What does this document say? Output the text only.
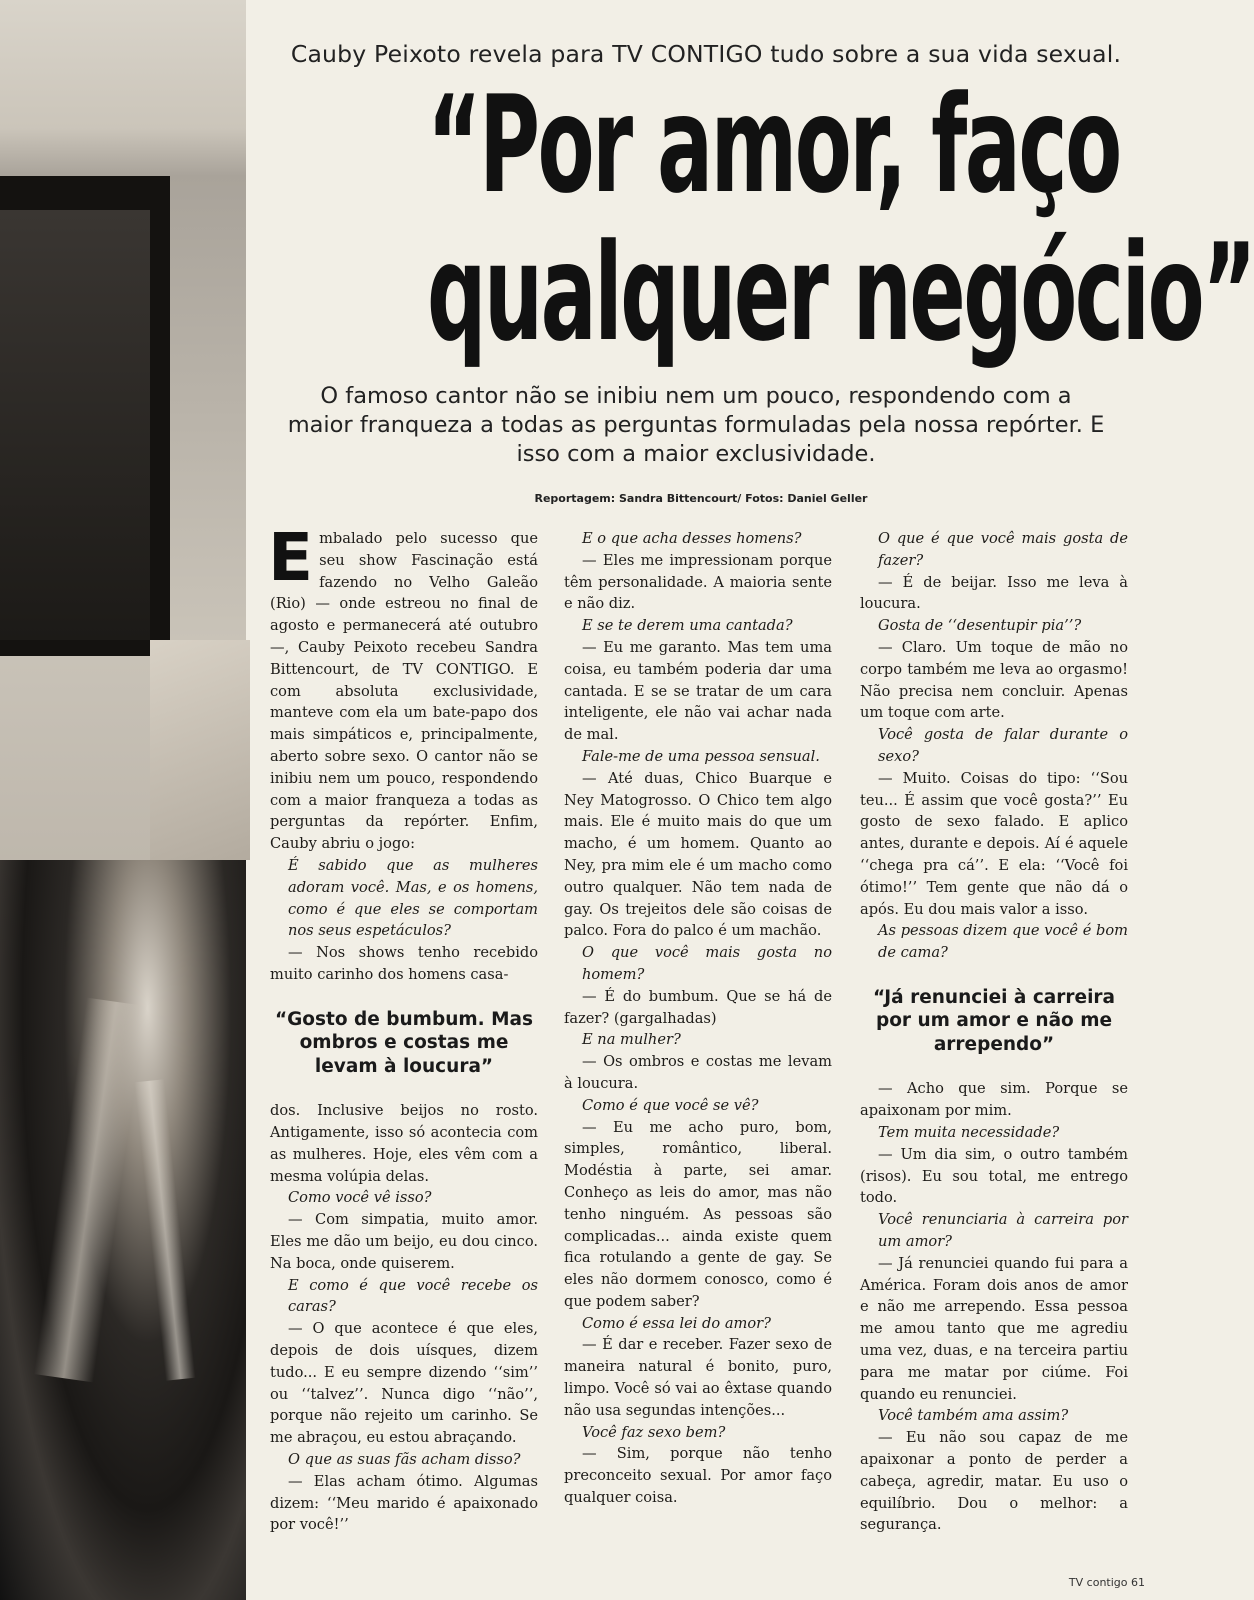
Cauby Peixoto revela para TV CONTIGO tudo sobre a sua vida sexual.
“Por amor, faço
qualquer negócio”
O famoso cantor não se inibiu nem um pouco, respondendo com a maior franqueza a todas as perguntas formuladas pela nossa repórter. E isso com a maior exclusividade.
Reportagem: Sandra Bittencourt/ Fotos: Daniel Geller

Embalado pelo sucesso que seu show Fascinação está fazendo no Velho Galeão (Rio) — onde estreou no final de agosto e permanecerá até outubro —, Cauby Peixoto recebeu Sandra Bittencourt, de TV CONTIGO. E com absoluta exclusividade, manteve com ela um bate-papo dos mais simpáticos e, principalmente, aberto sobre sexo. O cantor não se inibiu nem um pouco, respondendo com a maior franqueza a todas as perguntas da repórter. Enfim, Cauby abriu o jogo:

É sabido que as mulheres adoram você. Mas, e os homens, como é que eles se comportam nos seus espetáculos?

— Nos shows tenho recebido muito carinho dos homens casa-

“Gosto de bumbum. Mas ombros e costas me levam à loucura”

dos. Inclusive beijos no rosto. Antigamente, isso só acontecia com as mulheres. Hoje, eles vêm com a mesma volúpia delas.

Como você vê isso?

— Com simpatia, muito amor. Eles me dão um beijo, eu dou cinco. Na boca, onde quiserem.

E como é que você recebe os caras?

— O que acontece é que eles, depois de dois uísques, dizem tudo... E eu sempre dizendo ‘‘sim’’ ou ‘‘talvez’’. Nunca digo ‘‘não’’, porque não rejeito um carinho. Se me abraçou, eu estou abraçando.

O que as suas fãs acham disso?

— Elas acham ótimo. Algumas dizem: ‘‘Meu marido é apaixonado por você!’’

E o que acha desses homens?

— Eles me impressionam porque têm personalidade. A maioria sente e não diz.

E se te derem uma cantada?

— Eu me garanto. Mas tem uma coisa, eu também poderia dar uma cantada. E se se tratar de um cara inteligente, ele não vai achar nada de mal.

Fale-me de uma pessoa sensual.

— Até duas, Chico Buarque e Ney Matogrosso. O Chico tem algo mais. Ele é muito mais do que um macho, é um homem. Quanto ao Ney, pra mim ele é um macho como outro qualquer. Não tem nada de gay. Os trejeitos dele são coisas de palco. Fora do palco é um machão.

O que você mais gosta no homem?

— É do bumbum. Que se há de fazer? (gargalhadas)

E na mulher?

— Os ombros e costas me levam à loucura.

Como é que você se vê?

— Eu me acho puro, bom, simples, romântico, liberal. Modéstia à parte, sei amar. Conheço as leis do amor, mas não tenho ninguém. As pessoas são complicadas... ainda existe quem fica rotulando a gente de gay. Se eles não dormem conosco, como é que podem saber?

Como é essa lei do amor?

— É dar e receber. Fazer sexo de maneira natural é bonito, puro, limpo. Você só vai ao êxtase quando não usa segundas intenções...

Você faz sexo bem?

— Sim, porque não tenho preconceito sexual. Por amor faço qualquer coisa.

O que é que você mais gosta de fazer?

— É de beijar. Isso me leva à loucura.

Gosta de ‘‘desentupir pia’’?

— Claro. Um toque de mão no corpo também me leva ao orgasmo! Não precisa nem concluir. Apenas um toque com arte.

Você gosta de falar durante o sexo?

— Muito. Coisas do tipo: ‘‘Sou teu... É assim que você gosta?’’ Eu gosto de sexo falado. E aplico antes, durante e depois. Aí é aquele ‘‘chega pra cá’’. E ela: ‘‘Você foi ótimo!’’ Tem gente que não dá o após. Eu dou mais valor a isso.

As pessoas dizem que você é bom de cama?

“Já renunciei à carreira por um amor e não me arrependo”

— Acho que sim. Porque se apaixonam por mim.

Tem muita necessidade?

— Um dia sim, o outro também (risos). Eu sou total, me entrego todo.

Você renunciaria à carreira por um amor?

— Já renunciei quando fui para a América. Foram dois anos de amor e não me arrependo. Essa pessoa me amou tanto que me agrediu uma vez, duas, e na terceira partiu para me matar por ciúme. Foi quando eu renunciei.

Você também ama assim?

— Eu não sou capaz de me apaixonar a ponto de perder a cabeça, agredir, matar. Eu uso o equilíbrio. Dou o melhor: a segurança.

TV contigo 61
